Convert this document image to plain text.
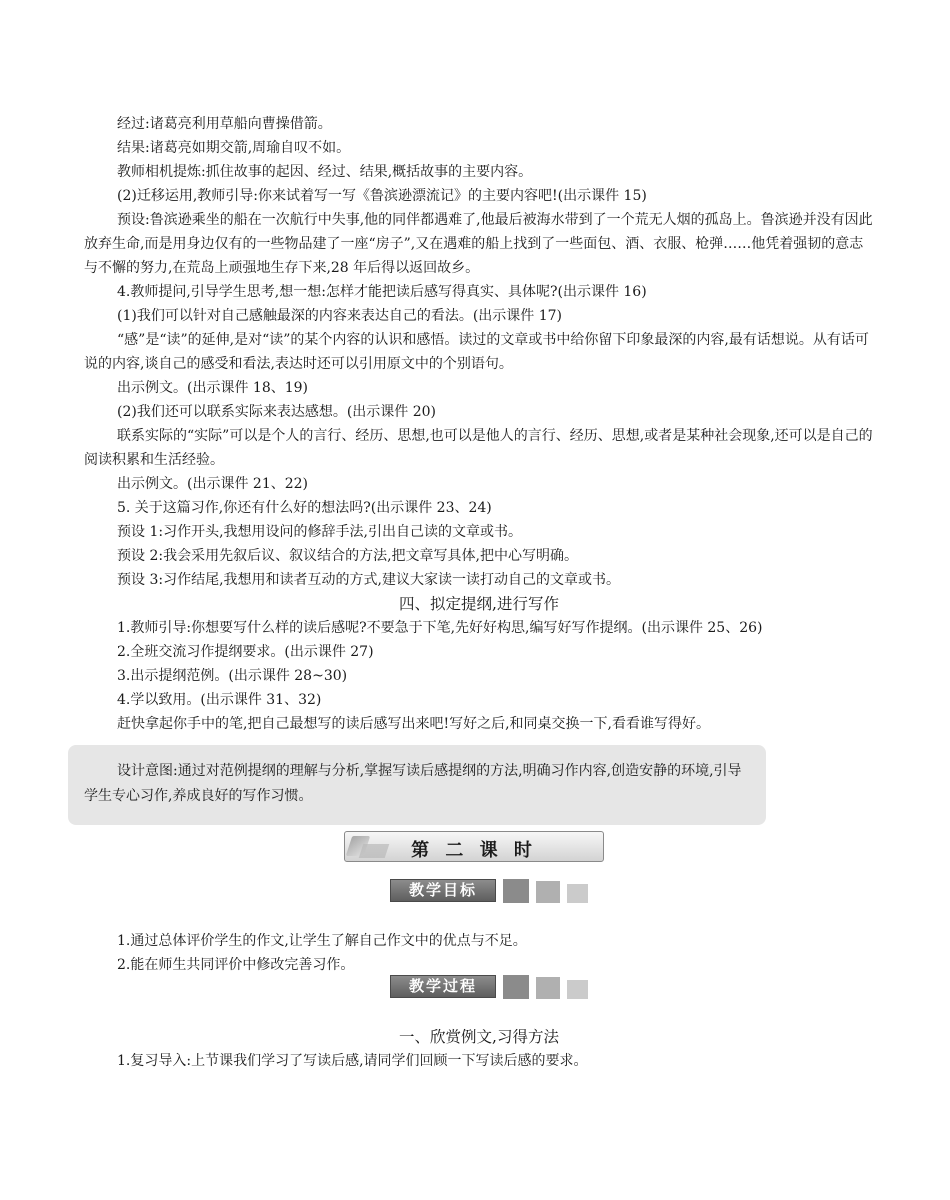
经过:诸葛亮利用草船向曹操借箭。

结果:诸葛亮如期交箭,周瑜自叹不如。

教师相机提炼:抓住故事的起因、经过、结果,概括故事的主要内容。

(2)迁移运用,教师引导:你来试着写一写《鲁滨逊漂流记》的主要内容吧!(出示课件 15)

预设:鲁滨逊乘坐的船在一次航行中失事,他的同伴都遇难了,他最后被海水带到了一个荒无人烟的孤岛上。鲁滨逊并没有因此放弃生命,而是用身边仅有的一些物品建了一座“房子”,又在遇难的船上找到了一些面包、酒、衣服、枪弹……他凭着强韧的意志与不懈的努力,在荒岛上顽强地生存下来,28 年后得以返回故乡。

4.教师提问,引导学生思考,想一想:怎样才能把读后感写得真实、具体呢?(出示课件 16)

(1)我们可以针对自己感触最深的内容来表达自己的看法。(出示课件 17)

“感”是“读”的延伸,是对“读”的某个内容的认识和感悟。读过的文章或书中给你留下印象最深的内容,最有话想说。从有话可说的内容,谈自己的感受和看法,表达时还可以引用原文中的个别语句。

出示例文。(出示课件 18、19)

(2)我们还可以联系实际来表达感想。(出示课件 20)

联系实际的“实际”可以是个人的言行、经历、思想,也可以是他人的言行、经历、思想,或者是某种社会现象,还可以是自己的阅读积累和生活经验。

出示例文。(出示课件 21、22)

5. 关于这篇习作,你还有什么好的想法吗?(出示课件 23、24)

预设 1:习作开头,我想用设问的修辞手法,引出自己读的文章或书。

预设 2:我会采用先叙后议、叙议结合的方法,把文章写具体,把中心写明确。

预设 3:习作结尾,我想用和读者互动的方式,建议大家读一读打动自己的文章或书。

四、拟定提纲,进行写作

1.教师引导:你想要写什么样的读后感呢?不要急于下笔,先好好构思,编写好写作提纲。(出示课件 25、26)

2.全班交流习作提纲要求。(出示课件 27)

3.出示提纲范例。(出示课件 28~30)

4.学以致用。(出示课件 31、32)

赶快拿起你手中的笔,把自己最想写的读后感写出来吧!写好之后,和同桌交换一下,看看谁写得好。

设计意图:通过对范例提纲的理解与分析,掌握写读后感提纲的方法,明确习作内容,创造安静的环境,引导学生专心习作,养成良好的写作习惯。

第 二 课 时
教学目标

1.通过总体评价学生的作文,让学生了解自己作文中的优点与不足。

2.能在师生共同评价中修改完善习作。

教学过程

一、欣赏例文,习得方法

1.复习导入:上节课我们学习了写读后感,请同学们回顾一下写读后感的要求。
